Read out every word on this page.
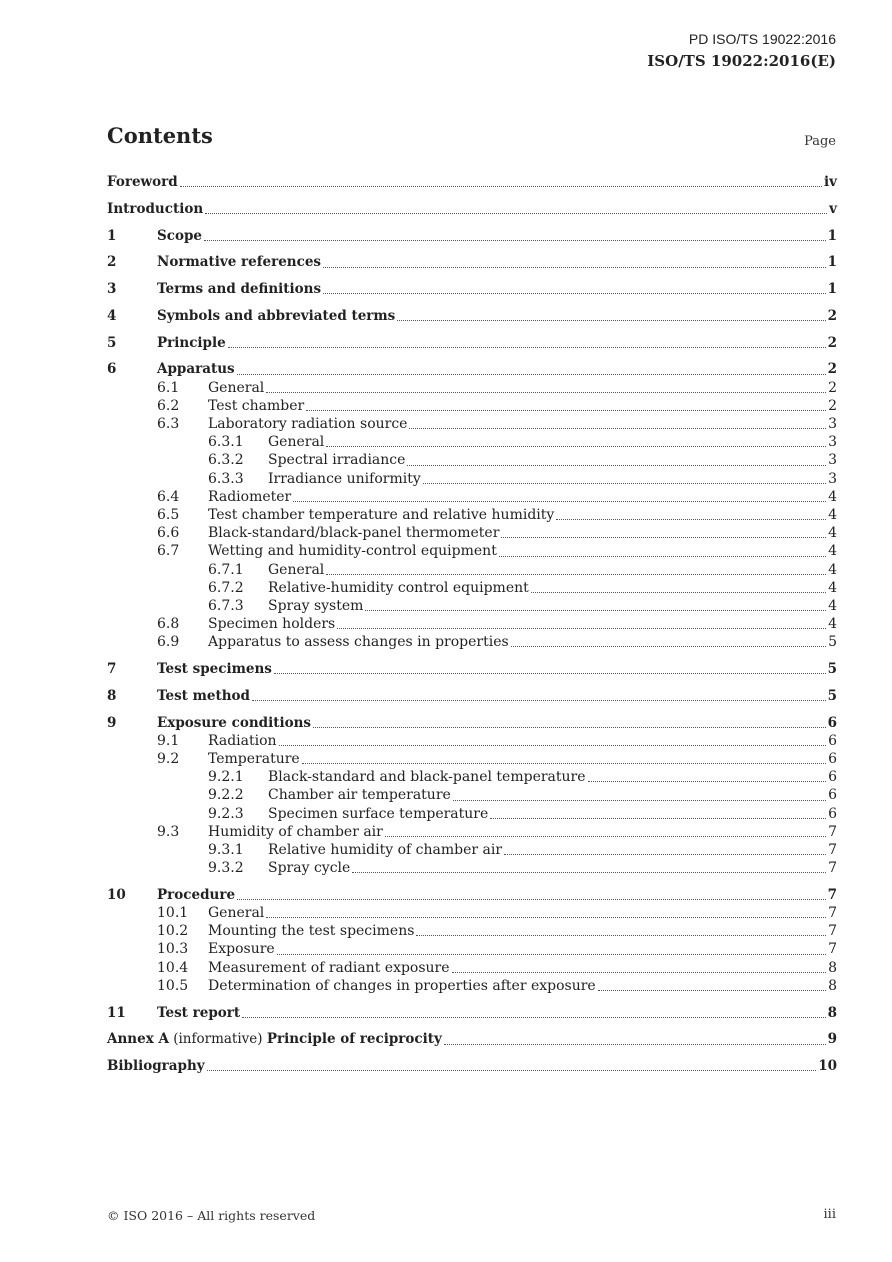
PD ISO/TS 19022:2016
ISO/TS 19022:2016(E)
Contents	Page
Foreword	iv
Introduction	v
1	Scope	1
2	Normative references	1
3	Terms and definitions	1
4	Symbols and abbreviated terms	2
5	Principle	2
6	Apparatus	2
6.1 General	2
6.2 Test chamber	2
6.3 Laboratory radiation source	3
6.3.1 General	3
6.3.2 Spectral irradiance	3
6.3.3 Irradiance uniformity	3
6.4 Radiometer	4
6.5 Test chamber temperature and relative humidity	4
6.6 Black-standard/black-panel thermometer	4
6.7 Wetting and humidity-control equipment	4
6.7.1 General	4
6.7.2 Relative-humidity control equipment	4
6.7.3 Spray system	4
6.8 Specimen holders	4
6.9 Apparatus to assess changes in properties	5
7	Test specimens	5
8	Test method	5
9	Exposure conditions	6
9.1 Radiation	6
9.2 Temperature	6
9.2.1 Black-standard and black-panel temperature	6
9.2.2 Chamber air temperature	6
9.2.3 Specimen surface temperature	6
9.3 Humidity of chamber air	7
9.3.1 Relative humidity of chamber air	7
9.3.2 Spray cycle	7
10 Procedure	7
10.1 General	7
10.2 Mounting the test specimens	7
10.3 Exposure	7
10.4 Measurement of radiant exposure	8
10.5 Determination of changes in properties after exposure	8
11 Test report	8
Annex A (informative) Principle of reciprocity	9
Bibliography	10
© ISO 2016 – All rights reserved	iii
